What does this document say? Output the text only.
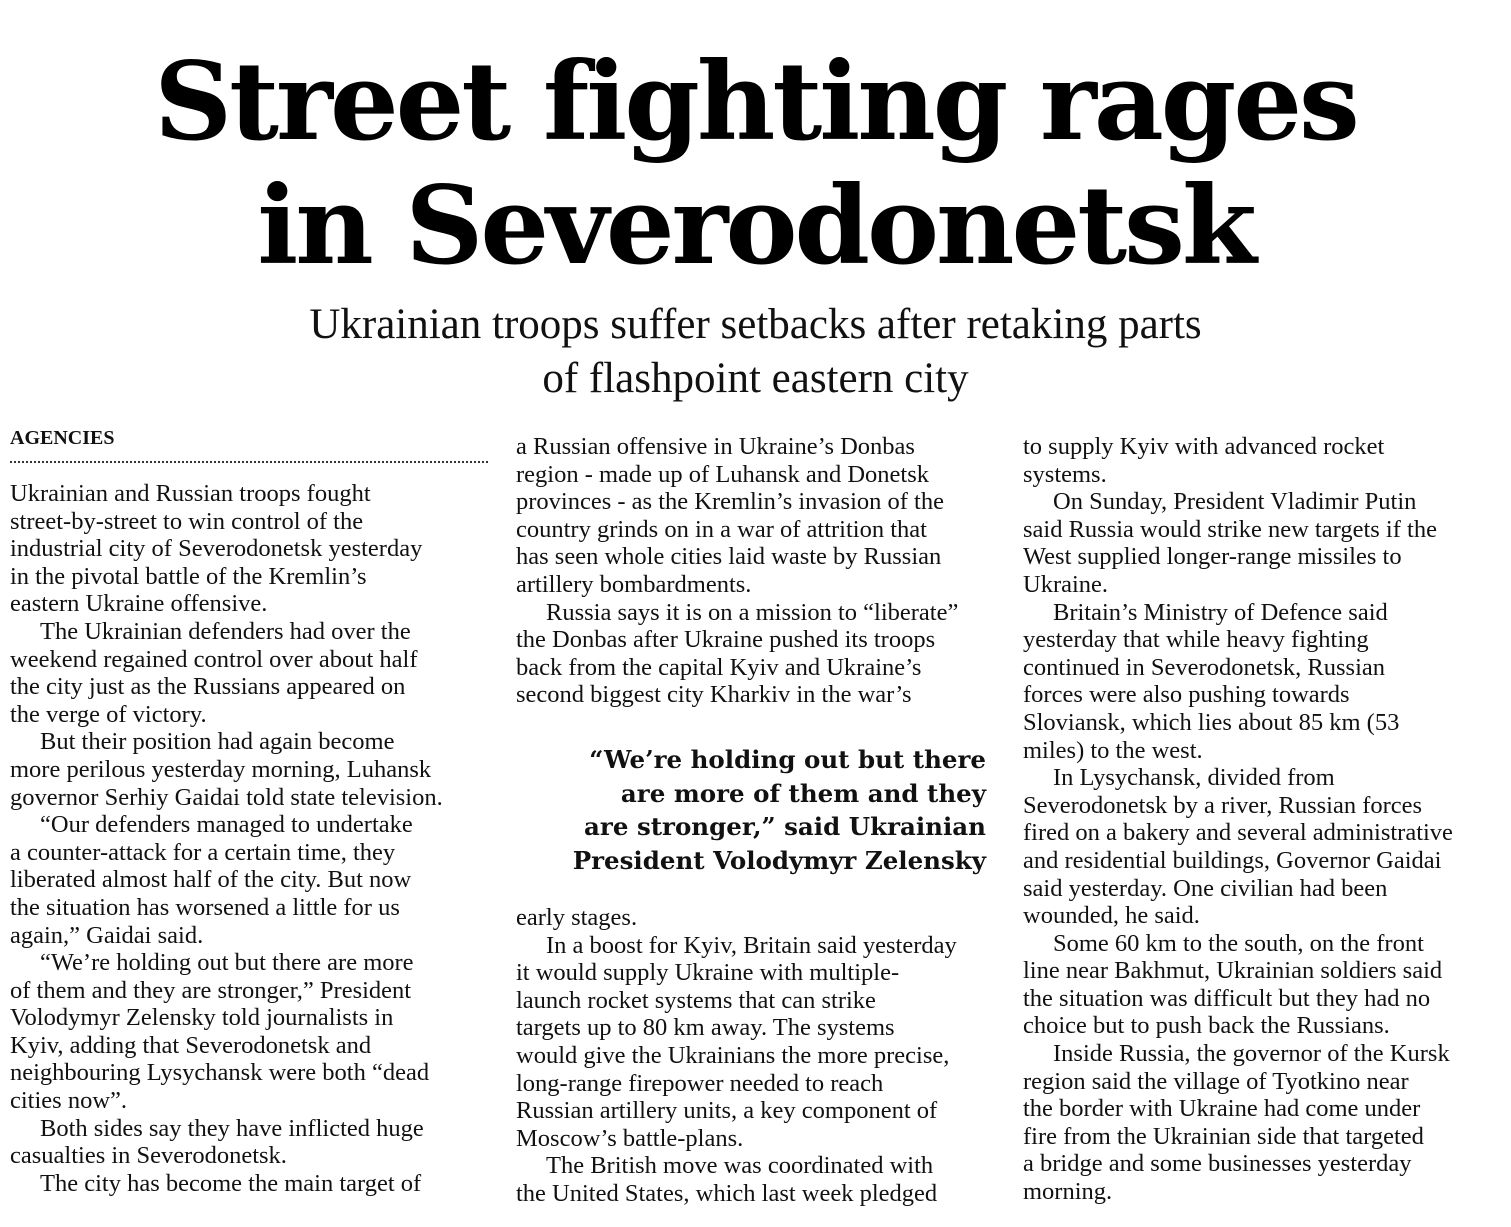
Street fighting rages
in Severodonetsk
Ukrainian troops suffer setbacks after retaking parts
of flashpoint eastern city
AGENCIES

Ukrainian and Russian troops fought

street-by-street to win control of the

industrial city of Severodonetsk yesterday

in the pivotal battle of the Kremlin’s

eastern Ukraine offensive.

The Ukrainian defenders had over the

weekend regained control over about half

the city just as the Russians appeared on

the verge of victory.

But their position had again become

more perilous yesterday morning, Luhansk

governor Serhiy Gaidai told state television.

“Our defenders managed to undertake

a counter-attack for a certain time, they

liberated almost half of the city. But now

the situation has worsened a little for us

again,” Gaidai said.

“We’re holding out but there are more

of them and they are stronger,” President

Volodymyr Zelensky told journalists in

Kyiv, adding that Severodonetsk and

neighbouring Lysychansk were both “dead

cities now”.

Both sides say they have inflicted huge

casualties in Severodonetsk.

The city has become the main target of

a Russian offensive in Ukraine’s Donbas

region - made up of Luhansk and Donetsk

provinces - as the Kremlin’s invasion of the

country grinds on in a war of attrition that

has seen whole cities laid waste by Russian

artillery bombardments.

Russia says it is on a mission to “liberate”

the Donbas after Ukraine pushed its troops

back from the capital Kyiv and Ukraine’s

second biggest city Kharkiv in the war’s

“We’re holding out but there
are more of them and they
are stronger,” said Ukrainian
President Volodymyr Zelensky

early stages.

In a boost for Kyiv, Britain said yesterday

it would supply Ukraine with multiple-

launch rocket systems that can strike

targets up to 80 km away. The systems

would give the Ukrainians the more precise,

long-range firepower needed to reach

Russian artillery units, a key component of

Moscow’s battle-plans.

The British move was coordinated with

the United States, which last week pledged

to supply Kyiv with advanced rocket

systems.

On Sunday, President Vladimir Putin

said Russia would strike new targets if the

West supplied longer-range missiles to

Ukraine.

Britain’s Ministry of Defence said

yesterday that while heavy fighting

continued in Severodonetsk, Russian

forces were also pushing towards

Sloviansk, which lies about 85 km (53

miles) to the west.

In Lysychansk, divided from

Severodonetsk by a river, Russian forces

fired on a bakery and several administrative

and residential buildings, Governor Gaidai

said yesterday. One civilian had been

wounded, he said.

Some 60 km to the south, on the front

line near Bakhmut, Ukrainian soldiers said

the situation was difficult but they had no

choice but to push back the Russians.

Inside Russia, the governor of the Kursk

region said the village of Tyotkino near

the border with Ukraine had come under

fire from the Ukrainian side that targeted

a bridge and some businesses yesterday

morning.
